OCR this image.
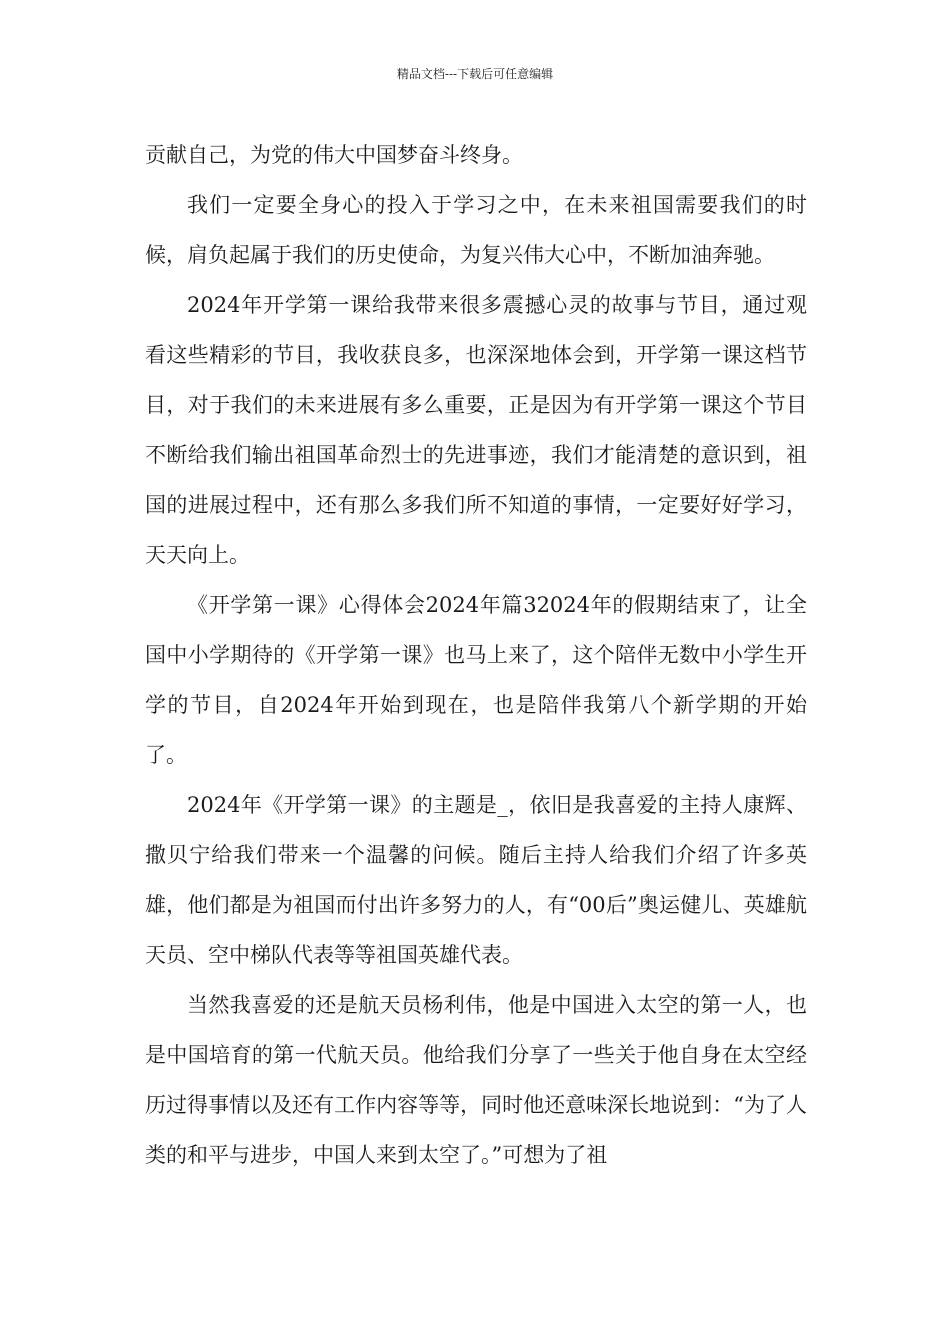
精品文档---下载后可任意编辑

贡献自己，为党的伟大中国梦奋斗终身。

我们一定要全身心的投入于学习之中，在未来祖国需要我们的时候，肩负起属于我们的历史使命，为复兴伟大心中，不断加油奔驰。

2024年开学第一课给我带来很多震撼心灵的故事与节目，通过观看这些精彩的节目，我收获良多，也深深地体会到，开学第一课这档节目，对于我们的未来进展有多么重要，正是因为有开学第一课这个节目不断给我们输出祖国革命烈士的先进事迹，我们才能清楚的意识到，祖国的进展过程中，还有那么多我们所不知道的事情，一定要好好学习，天天向上。

《开学第一课》心得体会2024年篇32024年的假期结束了，让全国中小学期待的《开学第一课》也马上来了，这个陪伴无数中小学生开学的节目，自2024年开始到现在，也是陪伴我第八个新学期的开始了。

2024年《开学第一课》的主题是_，依旧是我喜爱的主持人康辉、撒贝宁给我们带来一个温馨的问候。随后主持人给我们介绍了许多英雄，他们都是为祖国而付出许多努力的人，有“00后”奥运健儿、英雄航天员、空中梯队代表等等祖国英雄代表。

当然我喜爱的还是航天员杨利伟，他是中国进入太空的第一人，也是中国培育的第一代航天员。他给我们分享了一些关于他自身在太空经历过得事情以及还有工作内容等等，同时他还意味深长地说到：“为了人类的和平与进步，中国人来到太空了。”可想为了祖
